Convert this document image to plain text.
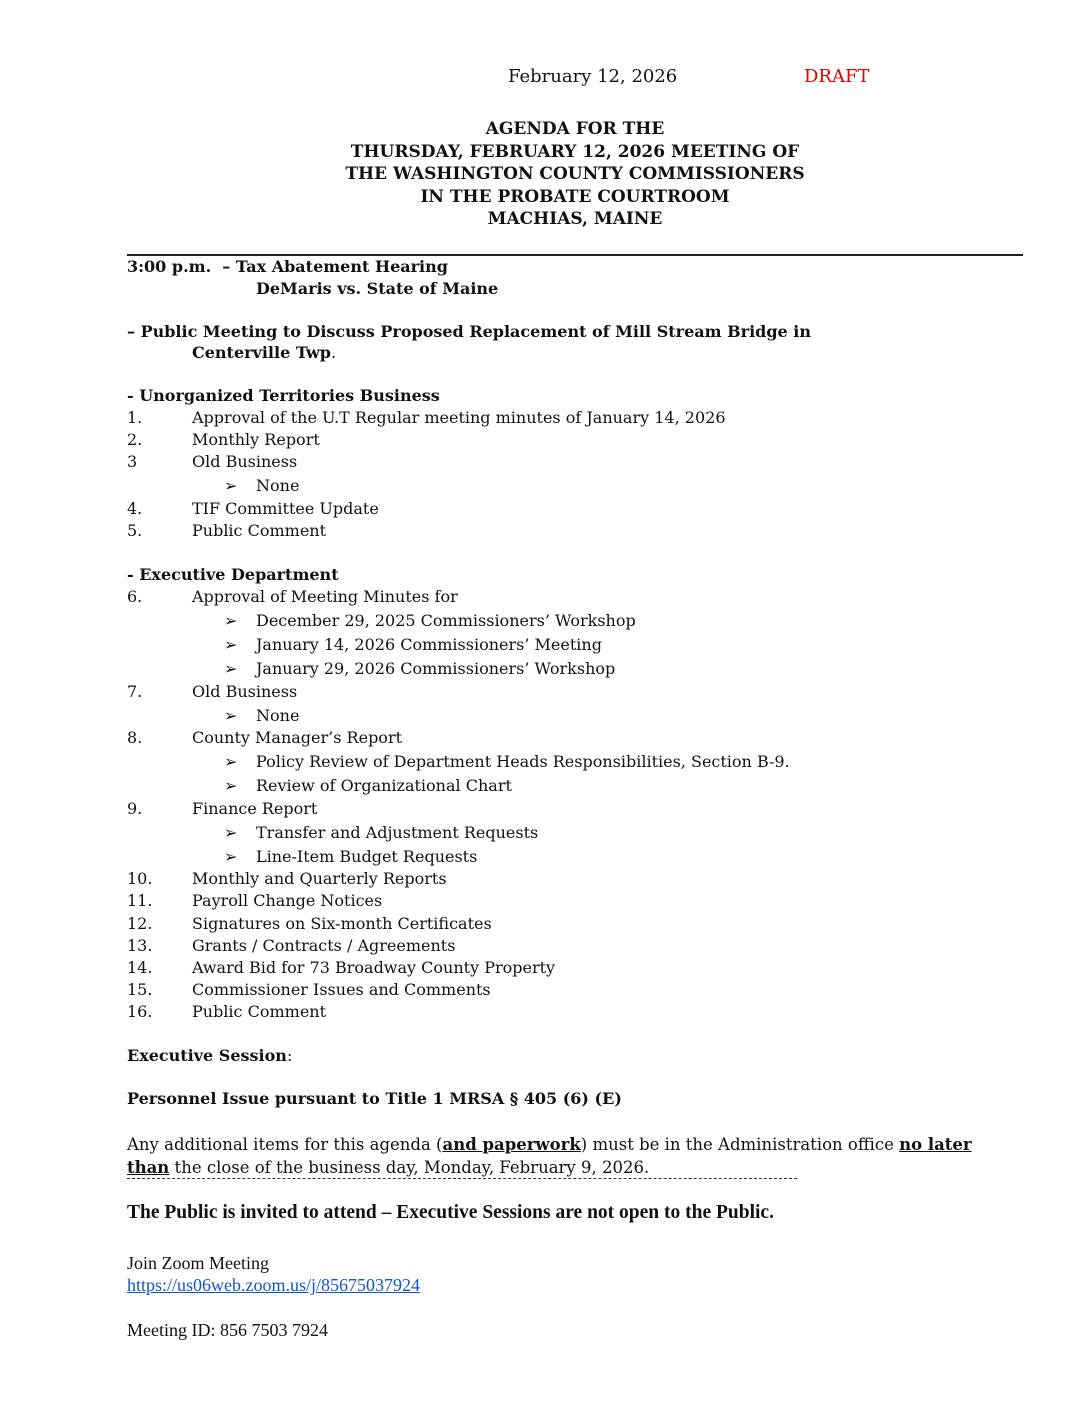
February 12, 2026	DRAFT
AGENDA FOR THE
THURSDAY, FEBRUARY 12, 2026 MEETING OF
THE WASHINGTON COUNTY COMMISSIONERS
IN THE PROBATE COURTROOM
MACHIAS, MAINE
3:00 p.m. – Tax Abatement Hearing
DeMaris vs. State of Maine
– Public Meeting to Discuss Proposed Replacement of Mill Stream Bridge in
Centerville Twp.
- Unorganized Territories Business
1.	Approval of the U.T Regular meeting minutes of January 14, 2026
2.	Monthly Report
3	Old Business
➢ None
4.	TIF Committee Update
5.	Public Comment
- Executive Department
6.	Approval of Meeting Minutes for
➢ December 29, 2025 Commissioners’ Workshop
➢ January 14, 2026 Commissioners’ Meeting
➢ January 29, 2026 Commissioners’ Workshop
7.	Old Business
➢ None
8.	County Manager’s Report
➢ Policy Review of Department Heads Responsibilities, Section B-9.
➢ Review of Organizational Chart
9.	Finance Report
➢ Transfer and Adjustment Requests
➢ Line-Item Budget Requests
10. Monthly and Quarterly Reports
11. Payroll Change Notices
12. Signatures on Six-month Certificates
13. Grants / Contracts / Agreements
14. Award Bid for 73 Broadway County Property
15. Commissioner Issues and Comments
16. Public Comment
Executive Session:
Personnel Issue pursuant to Title 1 MRSA § 405 (6) (E)
Any additional items for this agenda (and paperwork) must be in the Administration office no later than the close of the business day, Monday, February 9, 2026.
The Public is invited to attend – Executive Sessions are not open to the Public.
Join Zoom Meeting
https://us06web.zoom.us/j/85675037924
Meeting ID: 856 7503 7924
